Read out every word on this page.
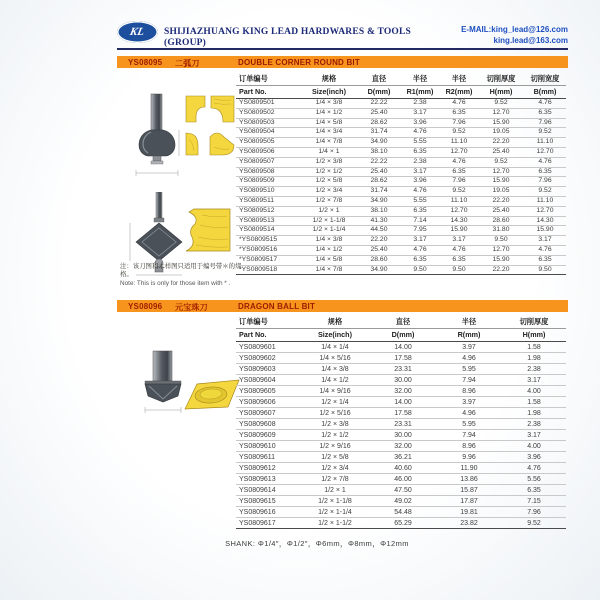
KL SHIJIAZHUANG KING LEAD HARDWARES & TOOLS (GROUP)
E-MAIL:king_lead@126.com
king.lead@163.com
YS08095 二弧刀	DOUBLE CORNER ROUND BIT
注：该刀图和木样图只适用于编号带＊的规格。
Note: This is only for those item with * .
订单编号	规格	直径	半径	半径	切削厚度	切削宽度
Part No.	Size(inch)	D(mm)	R1(mm)	R2(mm)	H(mm)	B(mm)
YS0809501	1/4 × 3/8	22.22	2.38	4.76	9.52	4.76
YS0809502	1/4 × 1/2	25.40	3.17	6.35	12.70	6.35
YS0809503	1/4 × 5/8	28.62	3.96	7.96	15.90	7.96
YS0809504	1/4 × 3/4	31.74	4.76	9.52	19.05	9.52
YS0809505	1/4 × 7/8	34.90	5.55	11.10	22.20	11.10
YS0809506	1/4 × 1	38.10	6.35	12.70	25.40	12.70
YS0809507	1/2 × 3/8	22.22	2.38	4.76	9.52	4.76
YS0809508	1/2 × 1/2	25.40	3.17	6.35	12.70	6.35
YS0809509	1/2 × 5/8	28.62	3.96	7.96	15.90	7.96
YS0809510	1/2 × 3/4	31.74	4.76	9.52	19.05	9.52
YS0809511	1/2 × 7/8	34.90	5.55	11.10	22.20	11.10
YS0809512	1/2 × 1	38.10	6.35	12.70	25.40	12.70
YS0809513	1/2 × 1-1/8	41.30	7.14	14.30	28.60	14.30
YS0809514	1/2 × 1-1/4	44.50	7.95	15.90	31.80	15.90
*YS0809515	1/4 × 3/8	22.20	3.17	3.17	9.50	3.17
*YS0809516	1/4 × 1/2	25.40	4.76	4.76	12.70	4.76
*YS0809517	1/4 × 5/8	28.60	6.35	6.35	15.90	6.35
*YS0809518	1/4 × 7/8	34.90	9.50	9.50	22.20	9.50
YS08096 元宝珠刀	DRAGON BALL BIT
订单编号	规格	直径	半径	切削厚度
Part No.	Size(inch)	D(mm)	R(mm)	H(mm)
YS0809601	1/4 × 1/4	14.00	3.97	1.58
YS0809602	1/4 × 5/16	17.58	4.96	1.98
YS0809603	1/4 × 3/8	23.31	5.95	2.38
YS0809604	1/4 × 1/2	30.00	7.94	3.17
YS0809605	1/4 × 9/16	32.00	8.96	4.00
YS0809606	1/2 × 1/4	14.00	3.97	1.58
YS0809607	1/2 × 5/16	17.58	4.96	1.98
YS0809608	1/2 × 3/8	23.31	5.95	2.38
YS0809609	1/2 × 1/2	30.00	7.94	3.17
YS0809610	1/2 × 9/16	32.00	8.96	4.00
YS0809611	1/2 × 5/8	36.21	9.96	3.96
YS0809612	1/2 × 3/4	40.60	11.90	4.76
YS0809613	1/2 × 7/8	46.00	13.86	5.56
YS0809614	1/2 × 1	47.50	15.87	6.35
YS0809615	1/2 × 1-1/8	49.02	17.87	7.15
YS0809616	1/2 × 1-1/4	54.48	19.81	7.96
YS0809617	1/2 × 1-1/2	65.29	23.82	9.52
SHANK: Φ1/4″，Φ1/2″，Φ6mm，Φ8mm，Φ12mm
